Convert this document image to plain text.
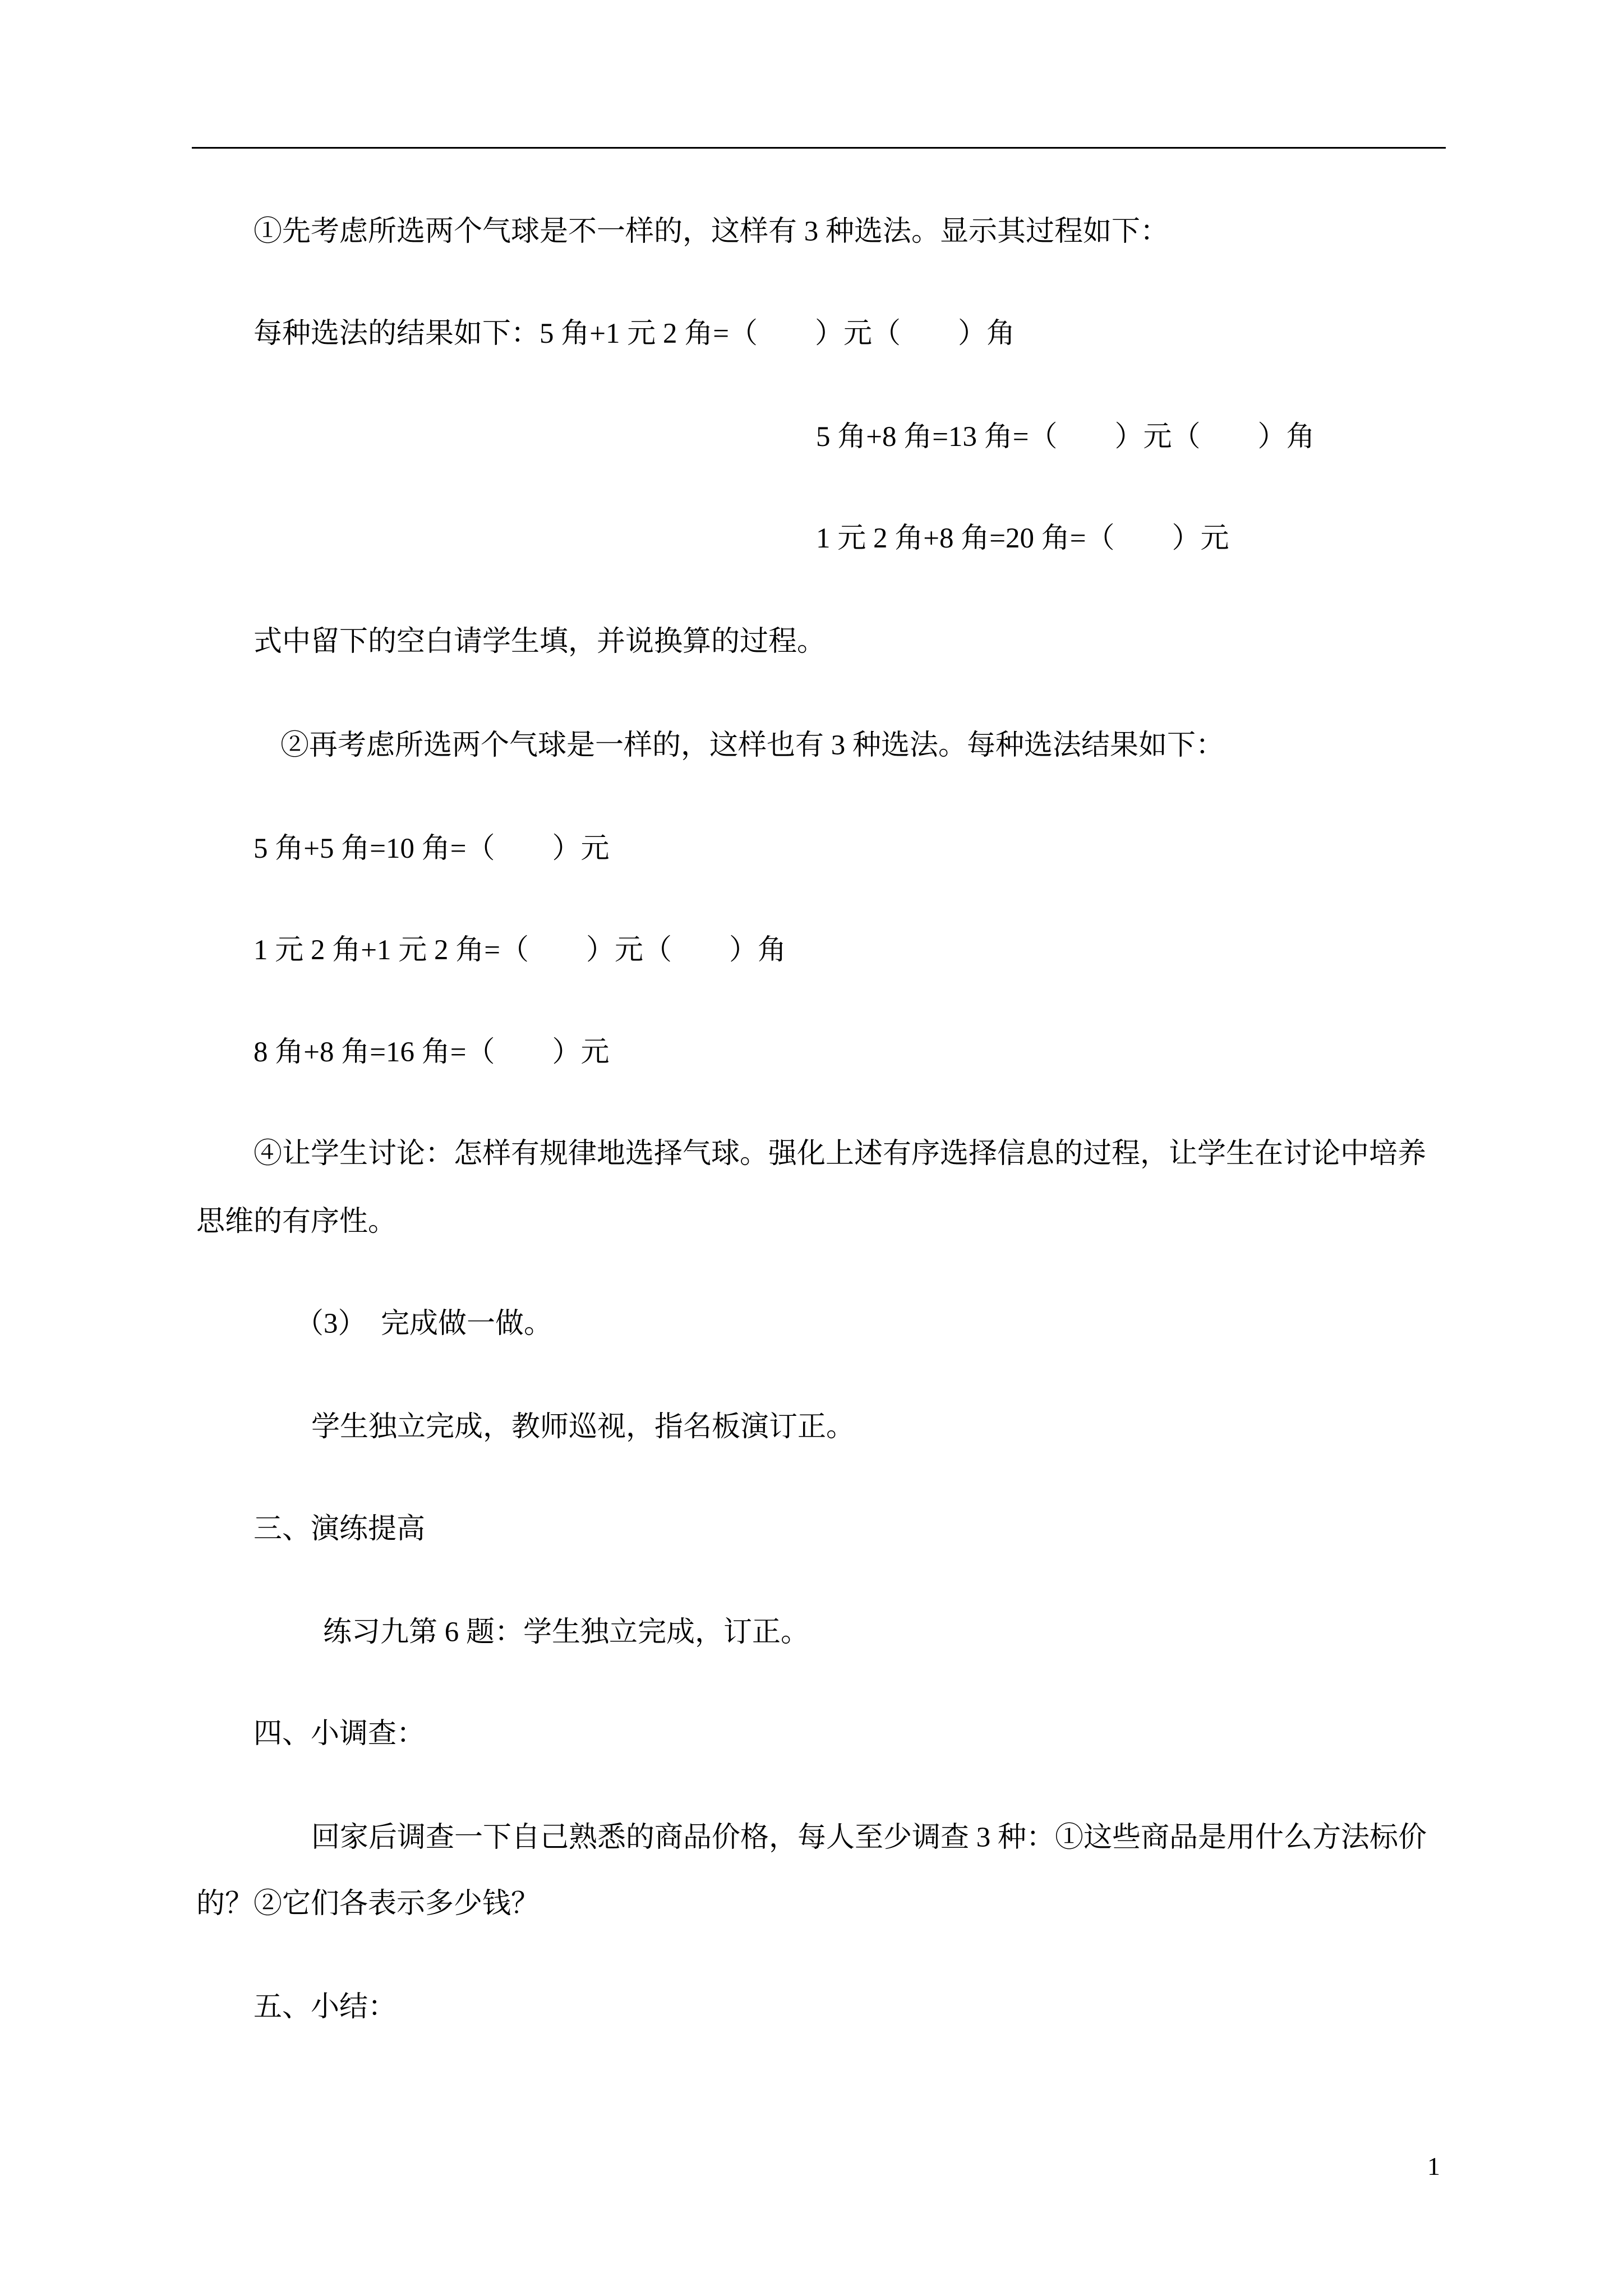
①先考虑所选两个气球是不一样的，这样有 3 种选法。显示其过程如下：

每种选法的结果如下：5 角+1 元 2 角=（　　）元（　　）角

5 角+8 角=13 角=（　　）元（　　）角

1 元 2 角+8 角=20 角=（　　）元

式中留下的空白请学生填，并说换算的过程。

②再考虑所选两个气球是一样的，这样也有 3 种选法。每种选法结果如下：

5 角+5 角=10 角=（　　）元

1 元 2 角+1 元 2 角=（　　）元（　　）角

8 角+8 角=16 角=（　　）元

④让学生讨论：怎样有规律地选择气球。强化上述有序选择信息的过程，让学生在讨论中培养

思维的有序性。

（3）　完成做一做。

学生独立完成，教师巡视，指名板演订正。

三、演练提高

练习九第 6 题：学生独立完成，订正。

四、小调查：

回家后调查一下自己熟悉的商品价格，每人至少调查 3 种：①这些商品是用什么方法标价

的？②它们各表示多少钱？

五、小结：

1
